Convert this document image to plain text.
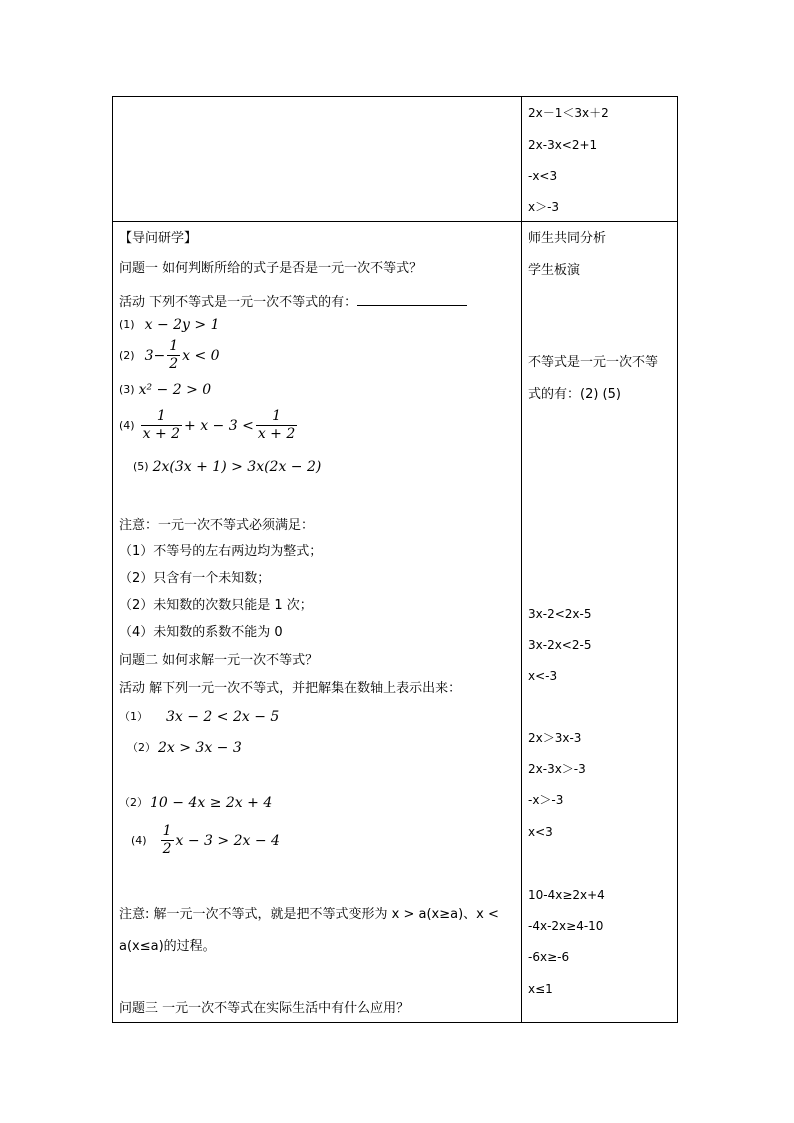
2x－1＜3x＋2
2x-3x<2+1
-x<3
x＞-3
【导问研学】
问题一 如何判断所给的式子是否是一元一次不等式？
活动 下列不等式是一元一次不等式的有：
(1) x − 2y > 1
(2) $3- \frac{1}{2}$ x < 0
(3) x² − 2 > 0
$(4) \frac{1}{x + 2} + x - 3 < \frac{1}{x + 2}$
(5) 2x(3x + 1) > 3x(2x − 2)
注意：一元一次不等式必须满足：
（1）不等号的左右两边均为整式；
（2）只含有一个未知数；
（2）未知数的次数只能是 1 次；
（4）未知数的系数不能为 0
问题二 如何求解一元一次不等式？
活动 解下列一元一次不等式，并把解集在数轴上表示出来：
（1） 3x − 2 < 2x − 5
（2） 2x > 3x − 3
（2） 10 − 4x ≥ 2x + 4
$(4) \frac{1}{2}$ x − 3 > 2x − 4
注意: 解一元一次不等式，就是把不等式变形为 x > a(x≥a)、x <
a(x≤a)的过程。
问题三 一元一次不等式在实际生活中有什么应用？
师生共同分析
学生板演
不等式是一元一次不等
式的有：(2) (5)
3x-2<2x-5
3x-2x<2-5
x<-3
2x＞3x-3
2x-3x＞-3
-x＞-3
x<3
10-4x≥2x+4
-4x-2x≥4-10
-6x≥-6
x≤1
